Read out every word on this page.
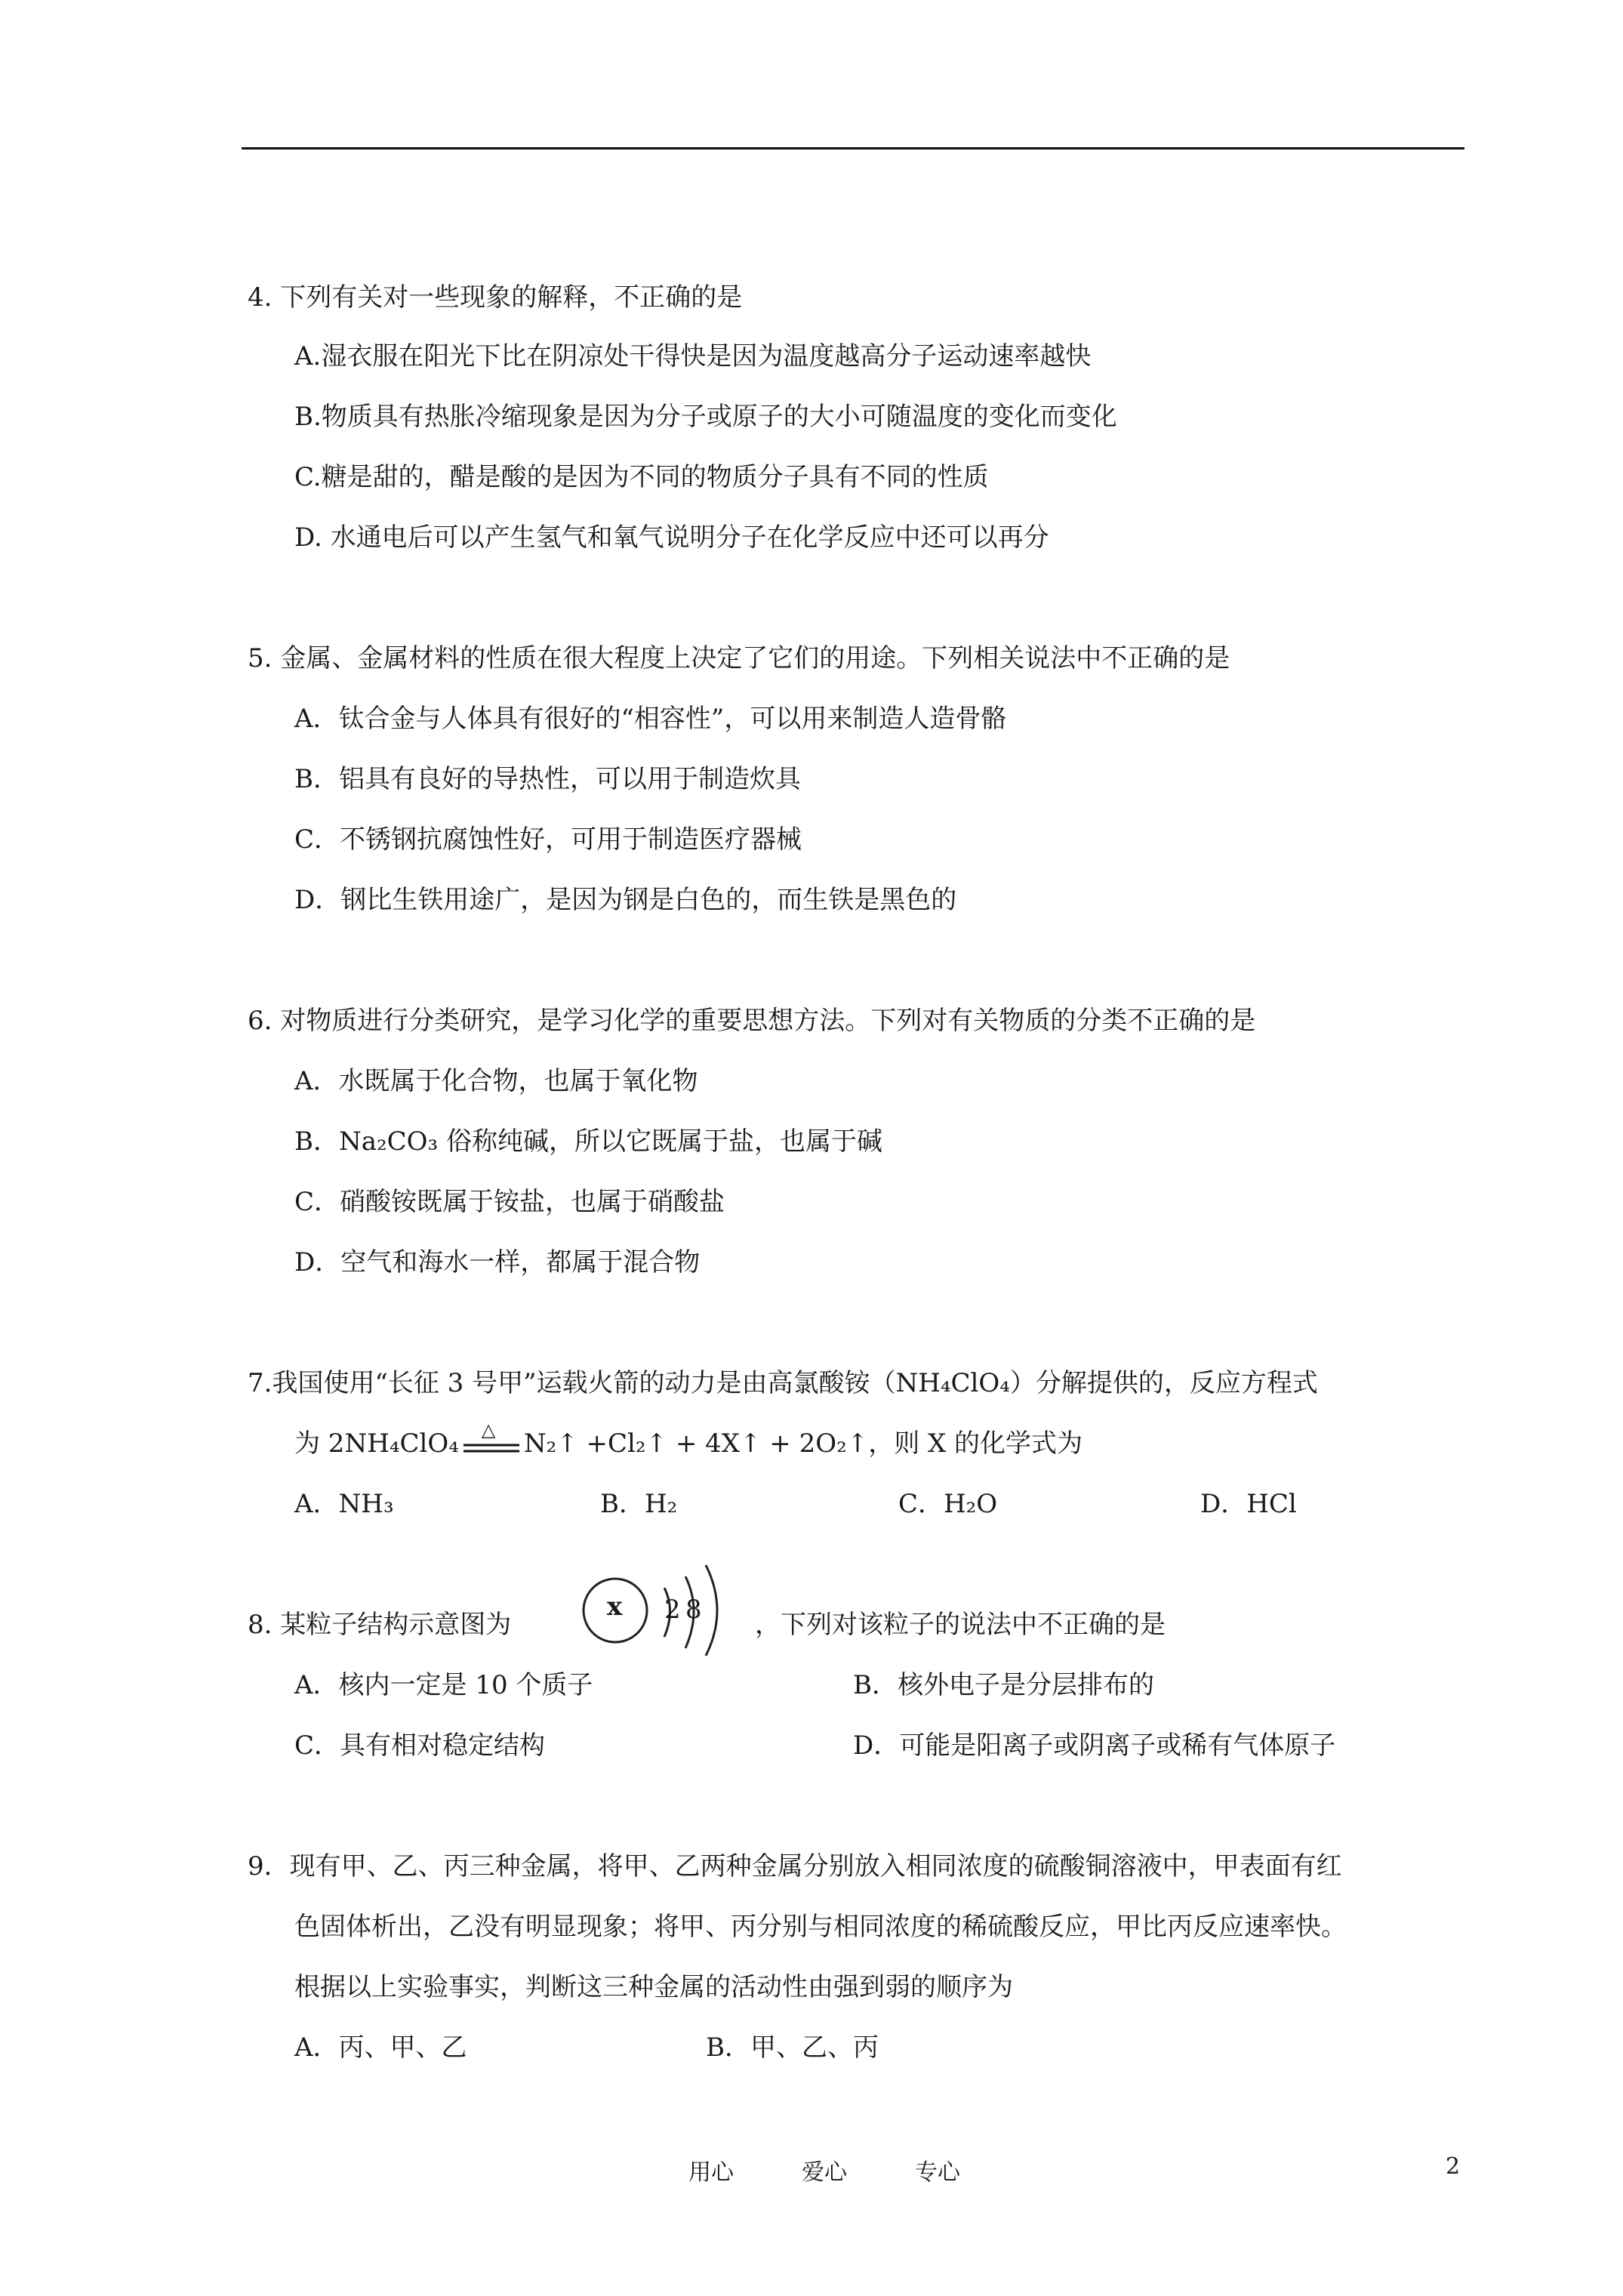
4. 下列有关对一些现象的解释，不正确的是
A.湿衣服在阳光下比在阴凉处干得快是因为温度越高分子运动速率越快
B.物质具有热胀冷缩现象是因为分子或原子的大小可随温度的变化而变化
C.糖是甜的，醋是酸的是因为不同的物质分子具有不同的性质
D. 水通电后可以产生氢气和氧气说明分子在化学反应中还可以再分
5. 金属、金属材料的性质在很大程度上决定了它们的用途。下列相关说法中不正确的是
A．钛合金与人体具有很好的“相容性”，可以用来制造人造骨骼
B．铝具有良好的导热性，可以用于制造炊具
C．不锈钢抗腐蚀性好，可用于制造医疗器械
D．钢比生铁用途广，是因为钢是白色的，而生铁是黑色的
6. 对物质进行分类研究，是学习化学的重要思想方法。下列对有关物质的分类不正确的是
A．水既属于化合物，也属于氧化物
B．Na₂CO₃ 俗称纯碱，所以它既属于盐，也属于碱
C．硝酸铵既属于铵盐，也属于硝酸盐
D．空气和海水一样，都属于混合物
7.我国使用“长征 3 号甲”运载火箭的动力是由高氯酸铵（NH₄ClO₄）分解提供的，反应方程式
为 2NH₄ClO₄ △ N₂↑ +Cl₂↑ + 4X↑ + 2O₂↑，则 X 的化学式为
A．NH₃	B．H₂	C．H₂O	D．HCl
8. 某粒子结构示意图为
x 2 8 ，下列对该粒子的说法中不正确的是
A．核内一定是 10 个质子	B．核外电子是分层排布的
C．具有相对稳定结构	D．可能是阳离子或阴离子或稀有气体原子
9．现有甲、乙、丙三种金属，将甲、乙两种金属分别放入相同浓度的硫酸铜溶液中，甲表面有红
色固体析出，乙没有明显现象；将甲、丙分别与相同浓度的稀硫酸反应，甲比丙反应速率快。
根据以上实验事实，判断这三种金属的活动性由强到弱的顺序为
A．丙、甲、乙	B．甲、乙、丙
用心	爱心	专心	2
